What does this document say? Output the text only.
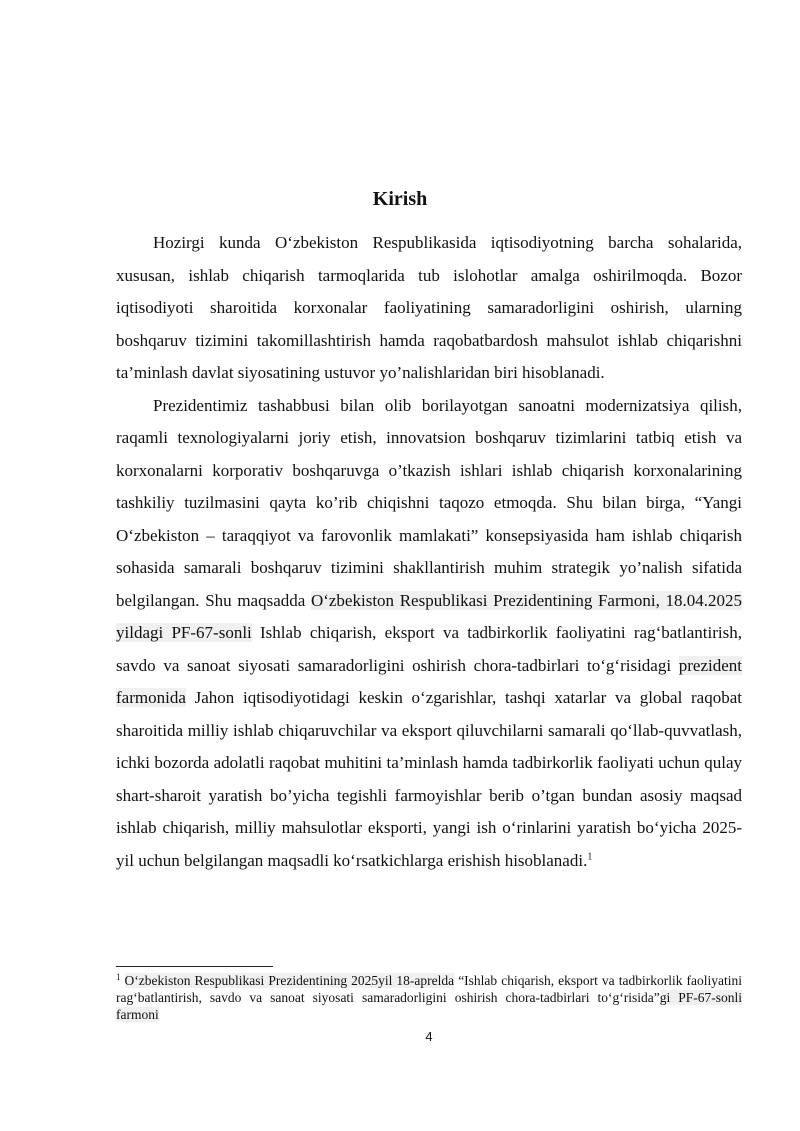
Kirish

Hozirgi kunda O‘zbekiston Respublikasida iqtisodiyotning barcha sohalarida, xususan, ishlab chiqarish tarmoqlarida tub islohotlar amalga oshirilmoqda. Bozor iqtisodiyoti sharoitida korxonalar faoliyatining samaradorligini oshirish, ularning boshqaruv tizimini takomillashtirish hamda raqobatbardosh mahsulot ishlab chiqarishni ta’minlash davlat siyosatining ustuvor yo’nalishlaridan biri hisoblanadi.

Prezidentimiz tashabbusi bilan olib borilayotgan sanoatni modernizatsiya qilish, raqamli texnologiyalarni joriy etish, innovatsion boshqaruv tizimlarini tatbiq etish va korxonalarni korporativ boshqaruvga o’tkazish ishlari ishlab chiqarish korxonalarining tashkiliy tuzilmasini qayta ko’rib chiqishni taqozo etmoqda. Shu bilan birga, “Yangi O‘zbekiston – taraqqiyot va farovonlik mamlakati” konsepsiyasida ham ishlab chiqarish sohasida samarali boshqaruv tizimini shakllantirish muhim strategik yo’nalish sifatida belgilangan. Shu maqsadda O‘zbekiston Respublikasi Prezidentining Farmoni, 18.04.2025 yildagi PF-67-sonli Ishlab chiqarish, eksport va tadbirkorlik faoliyatini rag‘batlantirish, savdo va sanoat siyosati samaradorligini oshirish chora-tadbirlari to‘g‘risidagi prezident farmonida Jahon iqtisodiyotidagi keskin o‘zgarishlar, tashqi xatarlar va global raqobat sharoitida milliy ishlab chiqaruvchilar va eksport qiluvchilarni samarali qo‘llab-quvvatlash, ichki bozorda adolatli raqobat muhitini ta’minlash hamda tadbirkorlik faoliyati uchun qulay shart-sharoit yaratish bo’yicha tegishli farmoyishlar berib o’tgan bundan asosiy maqsad ishlab chiqarish, milliy mahsulotlar eksporti, yangi ish o‘rinlarini yaratish bo‘yicha 2025-yil uchun belgilangan maqsadli ko‘rsatkichlarga erishish hisoblanadi.$^1$

$^1$ O‘zbekiston Respublikasi Prezidentining 2025yil 18-aprelda “Ishlab chiqarish, eksport va tadbirkorlik faoliyatini rag‘batlantirish, savdo va sanoat siyosati samaradorligini oshirish chora-tadbirlari to‘g‘risida”gi PF-67-sonli farmoni
4
